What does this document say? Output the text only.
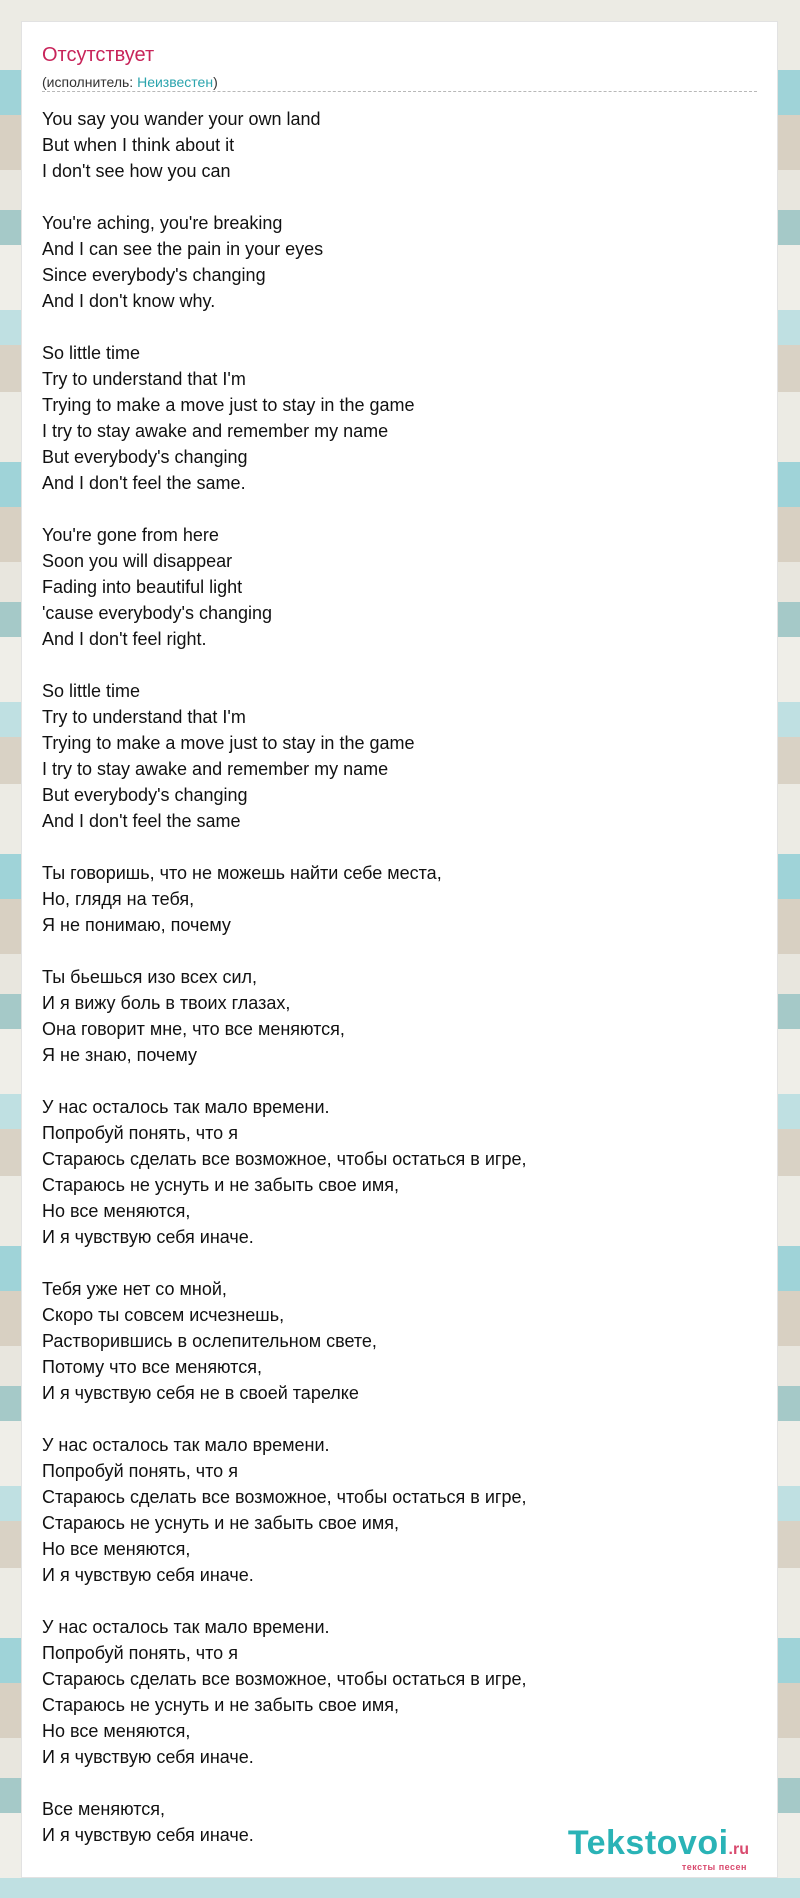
Отсутствует
(исполнитель: Неизвестен)
You say you wander your own land
But when I think about it
I don't see how you can
You're aching, you're breaking
And I can see the pain in your eyes
Since everybody's changing
And I don't know why.
So little time
Try to understand that I'm
Trying to make a move just to stay in the game
I try to stay awake and remember my name
But everybody's changing
And I don't feel the same.
You're gone from here
Soon you will disappear
Fading into beautiful light
'cause everybody's changing
And I don't feel right.
So little time
Try to understand that I'm
Trying to make a move just to stay in the game
I try to stay awake and remember my name
But everybody's changing
And I don't feel the same
Ты говоришь, что не можешь найти себе места,
Но, глядя на тебя,
Я не понимаю, почему
Ты бьешься изо всех сил,
И я вижу боль в твоих глазах,
Она говорит мне, что все меняются,
Я не знаю, почему
У нас осталось так мало времени.
Попробуй понять, что я
Стараюсь сделать все возможное, чтобы остаться в игре,
Стараюсь не уснуть и не забыть свое имя,
Но все меняются,
И я чувствую себя иначе.
Тебя уже нет со мной,
Скоро ты совсем исчезнешь,
Растворившись в ослепительном свете,
Потому что все меняются,
И я чувствую себя не в своей тарелке
У нас осталось так мало времени.
Попробуй понять, что я
Стараюсь сделать все возможное, чтобы остаться в игре,
Стараюсь не уснуть и не забыть свое имя,
Но все меняются,
И я чувствую себя иначе.
У нас осталось так мало времени.
Попробуй понять, что я
Стараюсь сделать все возможное, чтобы остаться в игре,
Стараюсь не уснуть и не забыть свое имя,
Но все меняются,
И я чувствую себя иначе.
Все меняются,
И я чувствую себя иначе.	Tekstovoi.ru
тексты песен
